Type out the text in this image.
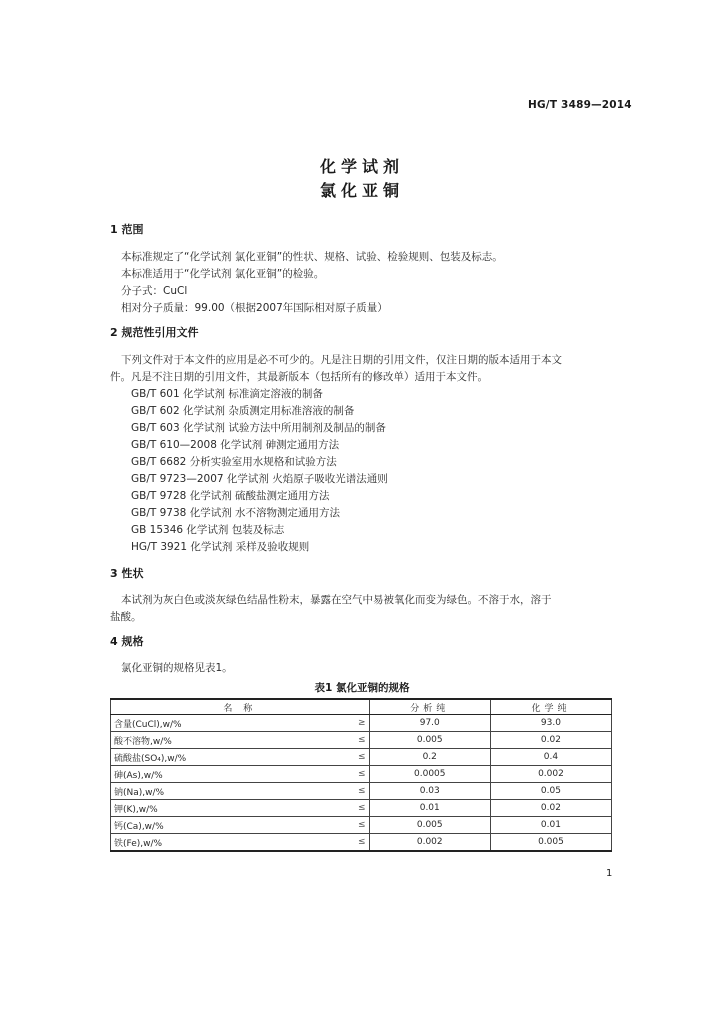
HG/T 3489—2014
化学试剂
氯化亚铜
1 范围
本标准规定了“化学试剂 氯化亚铜”的性状、规格、试验、检验规则、包装及标志。
本标准适用于“化学试剂 氯化亚铜”的检验。
分子式：CuCl
相对分子质量：99.00（根据2007年国际相对原子质量）
2 规范性引用文件
下列文件对于本文件的应用是必不可少的。凡是注日期的引用文件，仅注日期的版本适用于本文
件。凡是不注日期的引用文件，其最新版本（包括所有的修改单）适用于本文件。
GB/T 601 化学试剂 标准滴定溶液的制备
GB/T 602 化学试剂 杂质测定用标准溶液的制备
GB/T 603 化学试剂 试验方法中所用制剂及制品的制备
GB/T 610—2008 化学试剂 砷测定通用方法
GB/T 6682 分析实验室用水规格和试验方法
GB/T 9723—2007 化学试剂 火焰原子吸收光谱法通则
GB/T 9728 化学试剂 硫酸盐测定通用方法
GB/T 9738 化学试剂 水不溶物测定通用方法
GB 15346 化学试剂 包装及标志
HG/T 3921 化学试剂 采样及验收规则
3 性状
本试剂为灰白色或淡灰绿色结晶性粉末，暴露在空气中易被氧化而变为绿色。不溶于水，溶于
盐酸。
4 规格
氯化亚铜的规格见表1。
表1 氯化亚铜的规格
名 称		分析纯	化学纯
含量(CuCl),w/%	≥	97.0	93.0
酸不溶物,w/%	≤	0.005	0.02
硫酸盐(SO₄),w/%	≤	0.2	0.4
砷(As),w/%	≤	0.0005	0.002
钠(Na),w/%	≤	0.03	0.05
钾(K),w/%	≤	0.01	0.02
钙(Ca),w/%	≤	0.005	0.01
铁(Fe),w/%	≤	0.002	0.005
1
